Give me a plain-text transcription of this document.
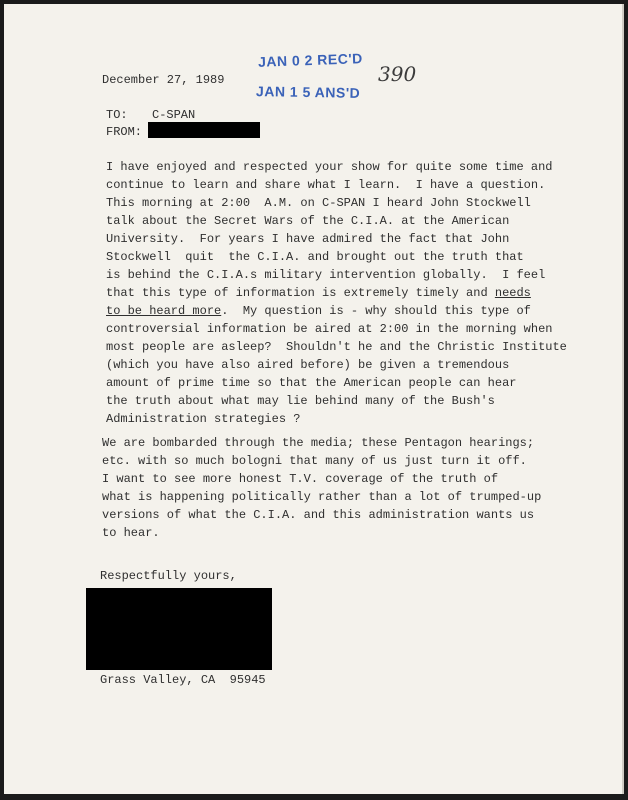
JAN 0 2 REC'D
JAN 1 5 ANS'D
390
December 27, 1989
TO: C-SPAN
FROM:
I have enjoyed and respected your show for quite some time and
continue to learn and share what I learn.  I have a question.
This morning at 2:00  A.M. on C-SPAN I heard John Stockwell
talk about the Secret Wars of the C.I.A. at the American
University.  For years I have admired the fact that John
Stockwell  quit  the C.I.A. and brought out the truth that
is behind the C.I.A.s military intervention globally.  I feel
that this type of information is extremely timely and needs
to be heard more.  My question is - why should this type of
controversial information be aired at 2:00 in the morning when
most people are asleep?  Shouldn't he and the Christic Institute
(which you have also aired before) be given a tremendous
amount of prime time so that the American people can hear
the truth about what may lie behind many of the Bush's
Administration strategies ?
We are bombarded through the media; these Pentagon hearings;
etc. with so much bologni that many of us just turn it off.
I want to see more honest T.V. coverage of the truth of
what is happening politically rather than a lot of trumped-up
versions of what the C.I.A. and this administration wants us
to hear.
Respectfully yours,
Grass Valley, CA  95945
